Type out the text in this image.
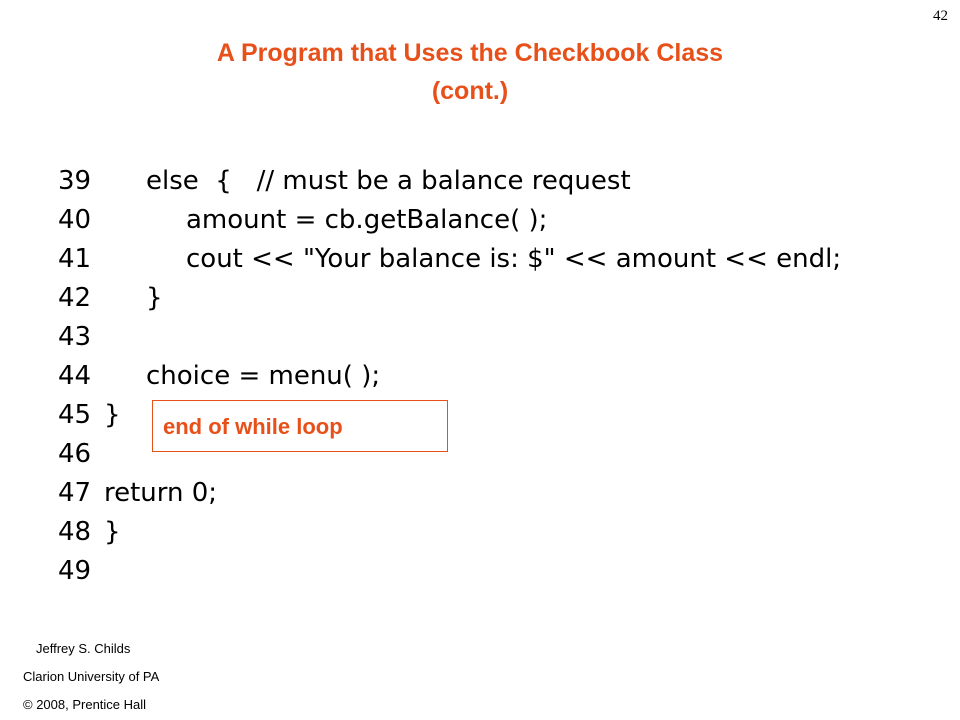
42
A Program that Uses the Checkbook Class
(cont.)
39 else  {   // must be a balance request
40	amount = cb.getBalance( );
41	cout << "Your balance is: $" << amount << endl;
42 }
43
44 choice = menu( );
45 }
46
47 return 0;
48 }
49
end of while loop
Jeffrey S. Childs
Clarion University of PA
© 2008, Prentice Hall
